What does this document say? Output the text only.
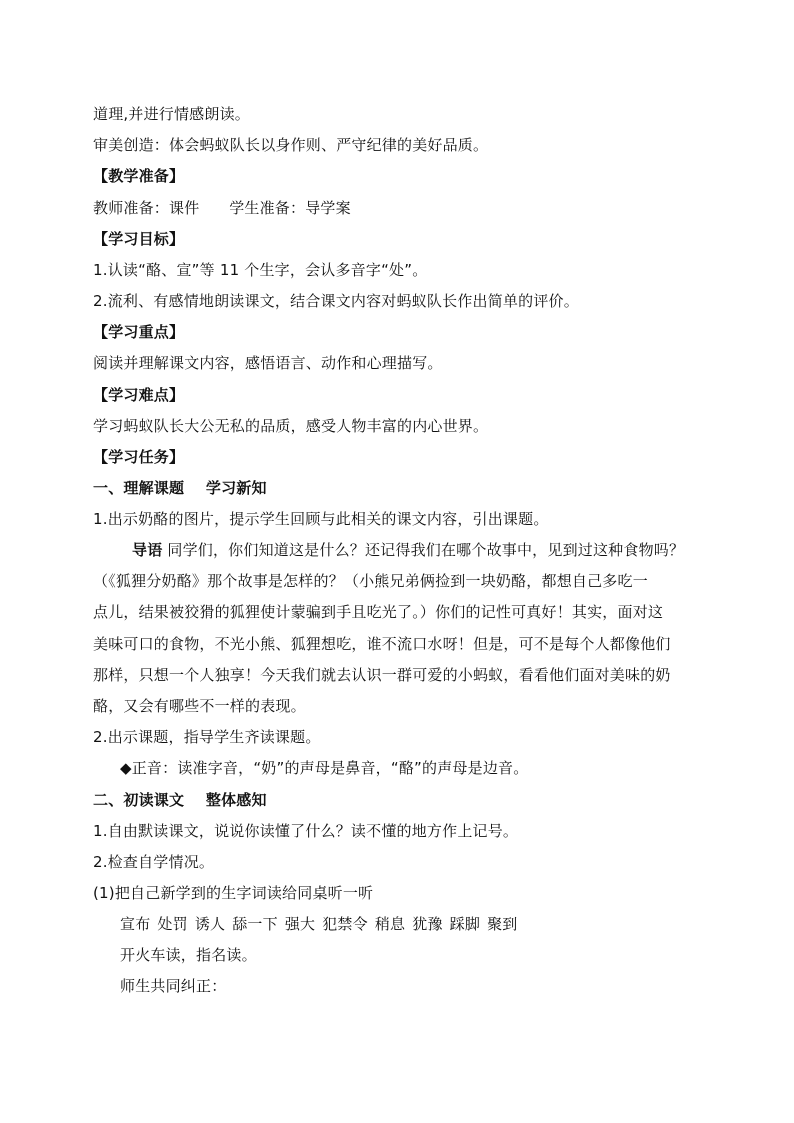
道理,并进行情感朗读。
审美创造：体会蚂蚁队长以身作则、严守纪律的美好品质。
【教学准备】
教师准备：课件      学生准备：导学案
【学习目标】
1.认读“酪、宣”等 11 个生字，会认多音字“处”。
2.流利、有感情地朗读课文，结合课文内容对蚂蚁队长作出简单的评价。
【学习重点】
阅读并理解课文内容，感悟语言、动作和心理描写。
【学习难点】
学习蚂蚁队长大公无私的品质，感受人物丰富的内心世界。
【学习任务】
一、理解课题    学习新知
1.出示奶酪的图片，提示学生回顾与此相关的课文内容，引出课题。
导语 同学们，你们知道这是什么？还记得我们在哪个故事中，见到过这种食物吗？
（《狐狸分奶酪》那个故事是怎样的？（小熊兄弟俩捡到一块奶酪，都想自己多吃一
点儿，结果被狡猾的狐狸使计蒙骗到手且吃光了。）你们的记性可真好！其实，面对这
美味可口的食物，不光小熊、狐狸想吃，谁不流口水呀！但是，可不是每个人都像他们
那样，只想一个人独享！今天我们就去认识一群可爱的小蚂蚁，看看他们面对美味的奶
酪，又会有哪些不一样的表现。
2.出示课题，指导学生齐读课题。
◆正音：读准字音，“奶”的声母是鼻音，“酪”的声母是边音。
二、初读课文    整体感知
1.自由默读课文，说说你读懂了什么？读不懂的地方作上记号。
2.检查自学情况。
(1)把自己新学到的生字词读给同桌听一听
宣布 处罚 诱人 舔一下 强大 犯禁令 稍息 犹豫 踩脚 聚到
开火车读，指名读。
师生共同纠正：
